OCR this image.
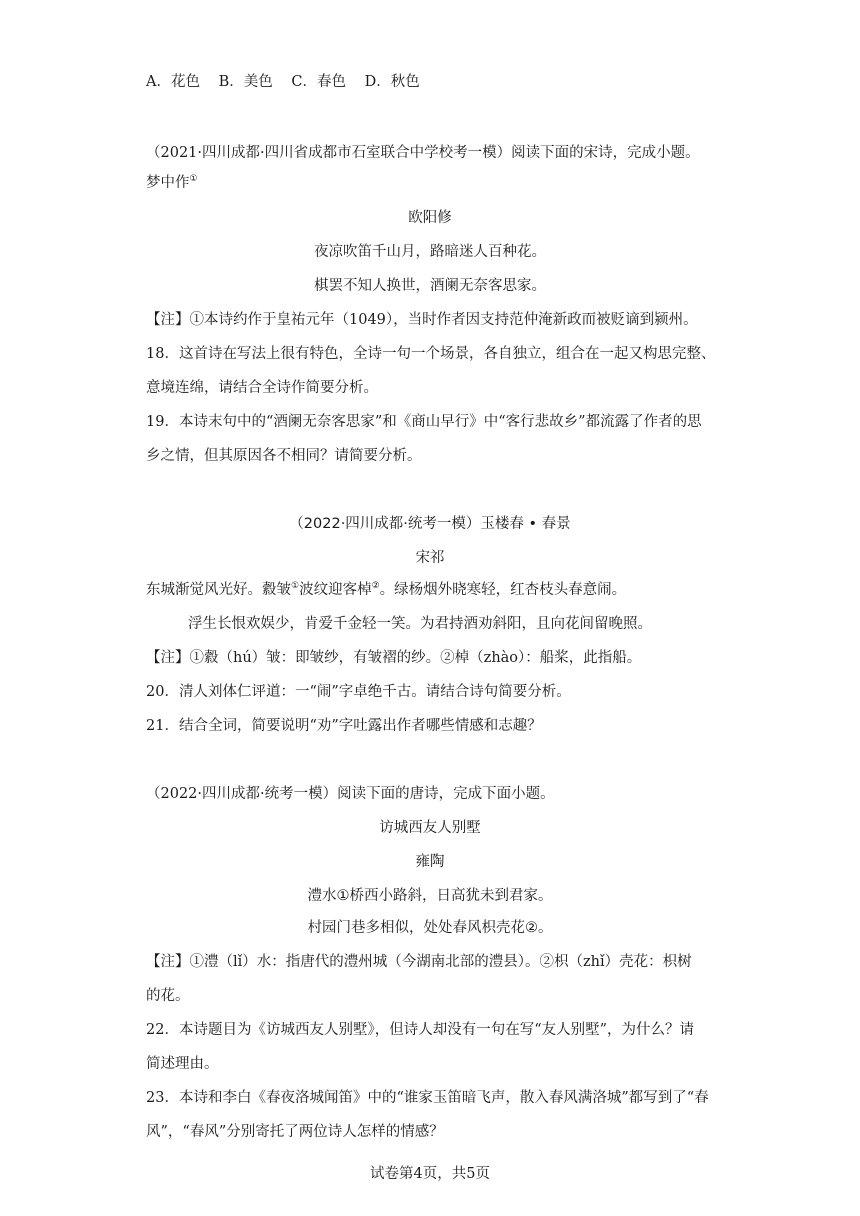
A．花色 B．美色 C．春色 D．秋色
（2021·四川成都·四川省成都市石室联合中学校考一模）阅读下面的宋诗，完成小题。
梦中作①
欧阳修
夜凉吹笛千山月，路暗迷人百种花。
棋罢不知人换世，酒阑无奈客思家。
【注】①本诗约作于皇祐元年（1049），当时作者因支持范仲淹新政而被贬谪到颍州。
18．这首诗在写法上很有特色，全诗一句一个场景，各自独立，组合在一起又构思完整、
意境连绵，请结合全诗作简要分析。
19．本诗末句中的“酒阑无奈客思家”和《商山早行》中“客行悲故乡”都流露了作者的思
乡之情，但其原因各不相同？请简要分析。
（2022·四川成都·统考一模）玉楼春 • 春景
宋祁
东城渐觉风光好。縠皱①波纹迎客棹②。绿杨烟外晓寒轻，红杏枝头春意闹。
浮生长恨欢娱少，肯爱千金轻一笑。为君持酒劝斜阳，且向花间留晚照。
【注】①縠（hú）皱：即皱纱，有皱褶的纱。②棹（zhào）：船桨，此指船。
20．清人刘体仁评道：一“闹”字卓绝千古。请结合诗句简要分析。
21．结合全词，简要说明“劝”字吐露出作者哪些情感和志趣？
（2022·四川成都·统考一模）阅读下面的唐诗，完成下面小题。
访城西友人别墅
雍陶
澧水①桥西小路斜，日高犹未到君家。
村园门巷多相似，处处春风枳壳花②。
【注】①澧（lǐ）水：指唐代的澧州城（今湖南北部的澧县）。②枳（zhǐ）壳花：枳树
的花。
22．本诗题目为《访城西友人别墅》，但诗人却没有一句在写“友人别墅”，为什么？请
简述理由。
23．本诗和李白《春夜洛城闻笛》中的“谁家玉笛暗飞声，散入春风满洛城”都写到了“春
风”，“春风”分别寄托了两位诗人怎样的情感？
试卷第4页，共5页
